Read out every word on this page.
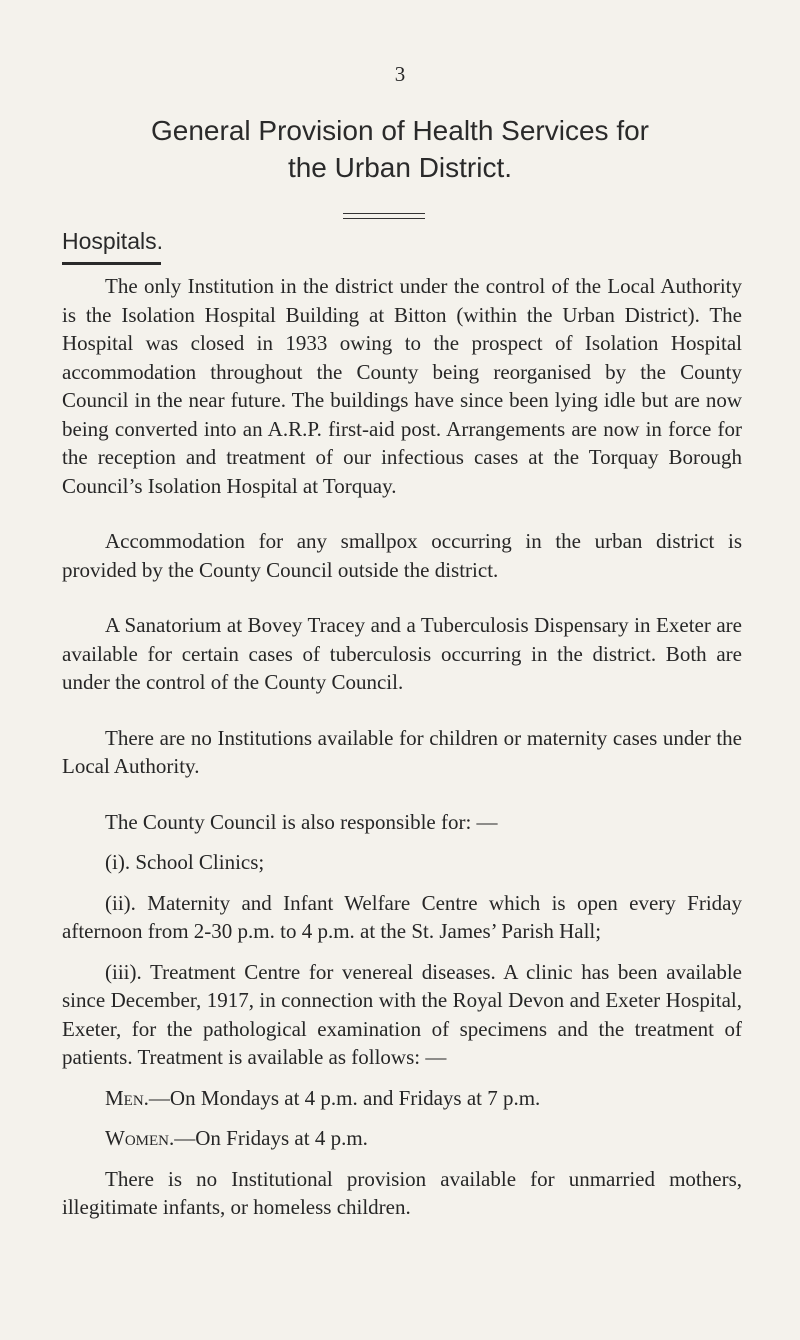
3
General Provision of Health Services for
the Urban District.
Hospitals.

The only Institution in the district under the control of the Local Authority is the Isolation Hospital Building at Bitton (within the Urban District). The Hospital was closed in 1933 owing to the prospect of Isolation Hospital accommodation throughout the County being reorganised by the County Council in the near future. The buildings have since been lying idle but are now being converted into an A.R.P. first-aid post. Arrangements are now in force for the reception and treatment of our infectious cases at the Torquay Borough Council’s Isolation Hospital at Torquay.

Accommodation for any smallpox occurring in the urban district is provided by the County Council outside the district.

A Sanatorium at Bovey Tracey and a Tuberculosis Dispensary in Exeter are available for certain cases of tuberculosis occurring in the district. Both are under the control of the County Council.

There are no Institutions available for children or maternity cases under the Local Authority.

The County Council is also responsible for: —

(i). School Clinics;

(ii). Maternity and Infant Welfare Centre which is open every Friday afternoon from 2-30 p.m. to 4 p.m. at the St. James’ Parish Hall;

(iii). Treatment Centre for venereal diseases. A clinic has been available since December, 1917, in connection with the Royal Devon and Exeter Hospital, Exeter, for the pathological examination of specimens and the treatment of patients. Treatment is available as follows: —

Men.—On Mondays at 4 p.m. and Fridays at 7 p.m.

Women.—On Fridays at 4 p.m.

There is no Institutional provision available for unmarried mothers, illegitimate infants, or homeless children.
